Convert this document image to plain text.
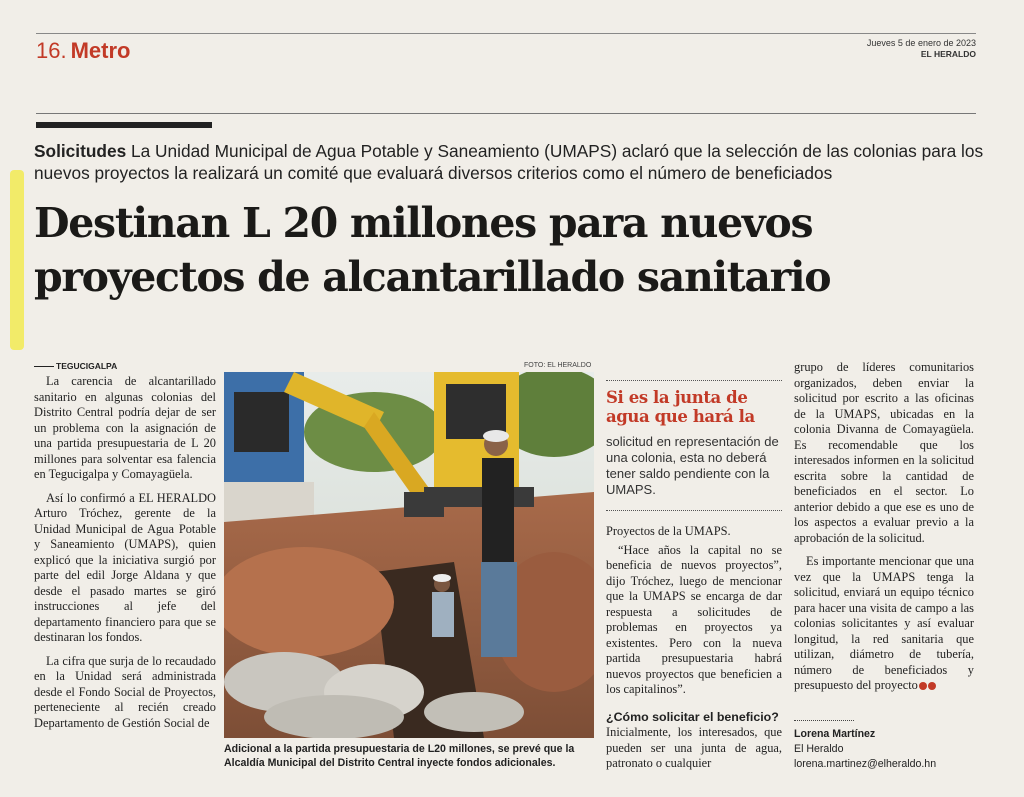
16. Metro	Jueves 5 de enero de 2023
EL HERALDO
Solicitudes La Unidad Municipal de Agua Potable y Saneamiento (UMAPS) aclaró que la selección de las colonias para los nuevos proyectos la realizará un comité que evaluará diversos criterios como el número de beneficiados
Destinan L 20 millones para nuevos
proyectos de alcantarillado sanitario
TEGUCIGALPA

La carencia de alcantarillado sanitario en algunas colonias del Distrito Central podría dejar de ser un problema con la asignación de una partida presupuestaria de L 20 millones para solventar esa falencia en Tegucigalpa y Comayagüela.

Así lo confirmó a EL HERALDO Arturo Tróchez, gerente de la Unidad Municipal de Agua Potable y Saneamiento (UMAPS), quien explicó que la iniciativa surgió por parte del edil Jorge Aldana y que desde el pasado martes se giró instrucciones al jefe del departamento financiero para que se destinaran los fondos.

La cifra que surja de lo recaudado en la Unidad será administrada desde el Fondo Social de Proyectos, perteneciente al recién creado Departamento de Gestión Social de

FOTO: EL HERALDO
Adicional a la partida presupuestaria de L20 millones, se prevé que la Alcaldía Municipal del Distrito Central inyecte fondos adicionales.
Si es la junta de agua que hará la
solicitud en representación de una colonia, esta no deberá tener saldo pendiente con la UMAPS.

Proyectos de la UMAPS.

“Hace años la capital no se beneficia de nuevos proyectos”, dijo Tróchez, luego de mencionar que la UMAPS se encarga de dar respuesta a solicitudes de problemas en proyectos ya existentes. Pero con la nueva partida presupuestaria habrá nuevos proyectos que beneficien a los capitalinos”.

¿Cómo solicitar el beneficio?

Inicialmente, los interesados, que pueden ser una junta de agua, patronato o cualquier

grupo de líderes comunitarios organizados, deben enviar la solicitud por escrito a las oficinas de la UMAPS, ubicadas en la colonia Divanna de Comayagüela. Es recomendable que los interesados informen en la solicitud escrita sobre la cantidad de beneficiados en el sector. Lo anterior debido a que ese es uno de los aspectos a evaluar previo a la aprobación de la solicitud.

Es importante mencionar que una vez que la UMAPS tenga la solicitud, enviará un equipo técnico para hacer una visita de campo a las colonias solicitantes y así evaluar longitud, la red sanitaria que utilizan, diámetro de tubería, número de beneficiados y presupuesto del proyecto

Lorena Martínez
El Heraldo
lorena.martinez@elheraldo.hn
